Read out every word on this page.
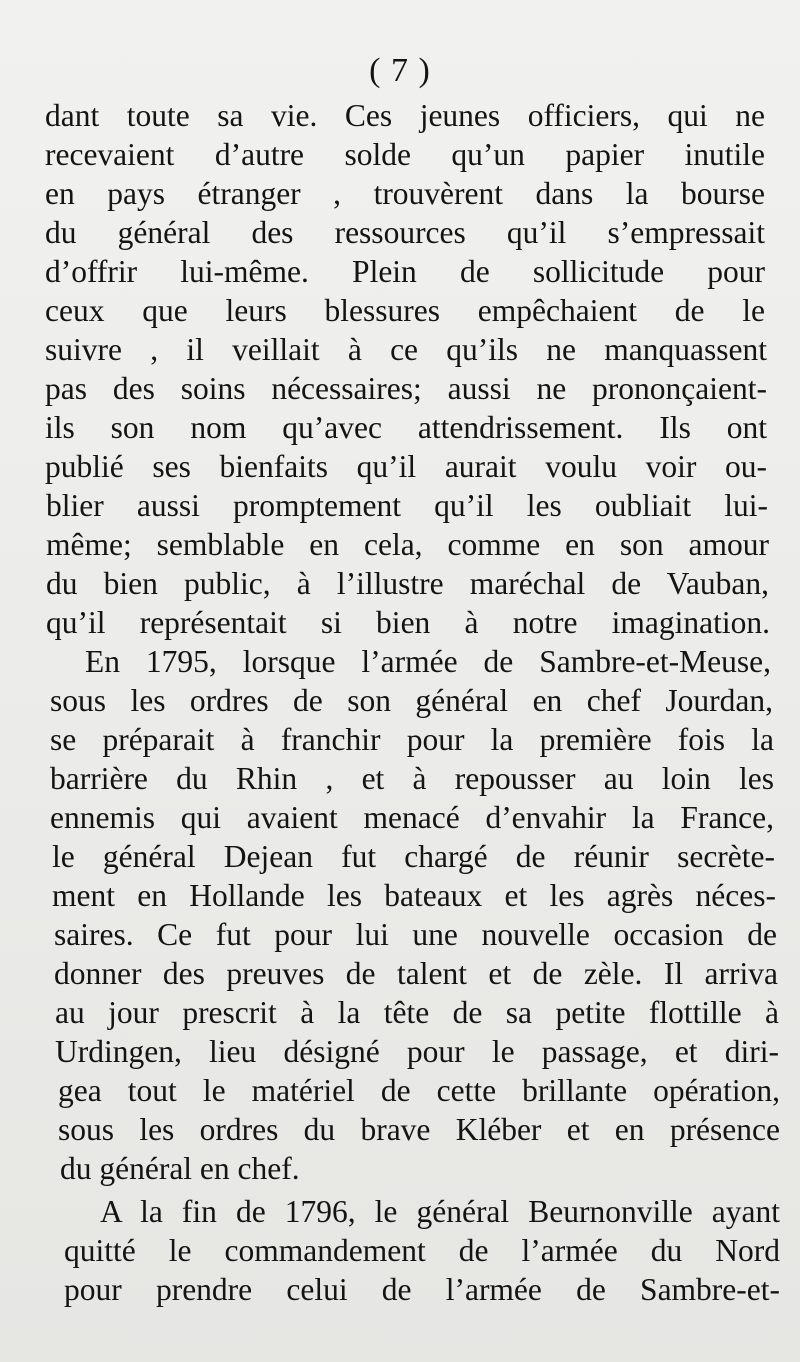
( 7 )
dant toute sa vie. Ces jeunes officiers, qui ne
recevaient d’autre solde qu’un papier inutile
en pays étranger , trouvèrent dans la bourse
du général des ressources qu’il s’empressait
d’offrir lui-même. Plein de sollicitude pour
ceux que leurs blessures empêchaient de le
suivre , il veillait à ce qu’ils ne manquassent
pas des soins nécessaires; aussi ne prononçaient-
ils son nom qu’avec attendrissement. Ils ont
publié ses bienfaits qu’il aurait voulu voir ou-
blier aussi promptement qu’il les oubliait lui-
même; semblable en cela, comme en son amour
du bien public, à l’illustre maréchal de Vauban,
qu’il représentait si bien à notre imagination.
En 1795, lorsque l’armée de Sambre-et-Meuse,
sous les ordres de son général en chef Jourdan,
se préparait à franchir pour la première fois la
barrière du Rhin , et à repousser au loin les
ennemis qui avaient menacé d’envahir la France,
le général Dejean fut chargé de réunir secrète-
ment en Hollande les bateaux et les agrès néces-
saires. Ce fut pour lui une nouvelle occasion de
donner des preuves de talent et de zèle. Il arriva
au jour prescrit à la tête de sa petite flottille à
Urdingen, lieu désigné pour le passage, et diri-
gea tout le matériel de cette brillante opération,
sous les ordres du brave Kléber et en présence
du général en chef.
A la fin de 1796, le général Beurnonville ayant
quitté le commandement de l’armée du Nord
pour prendre celui de l’armée de Sambre-et-
